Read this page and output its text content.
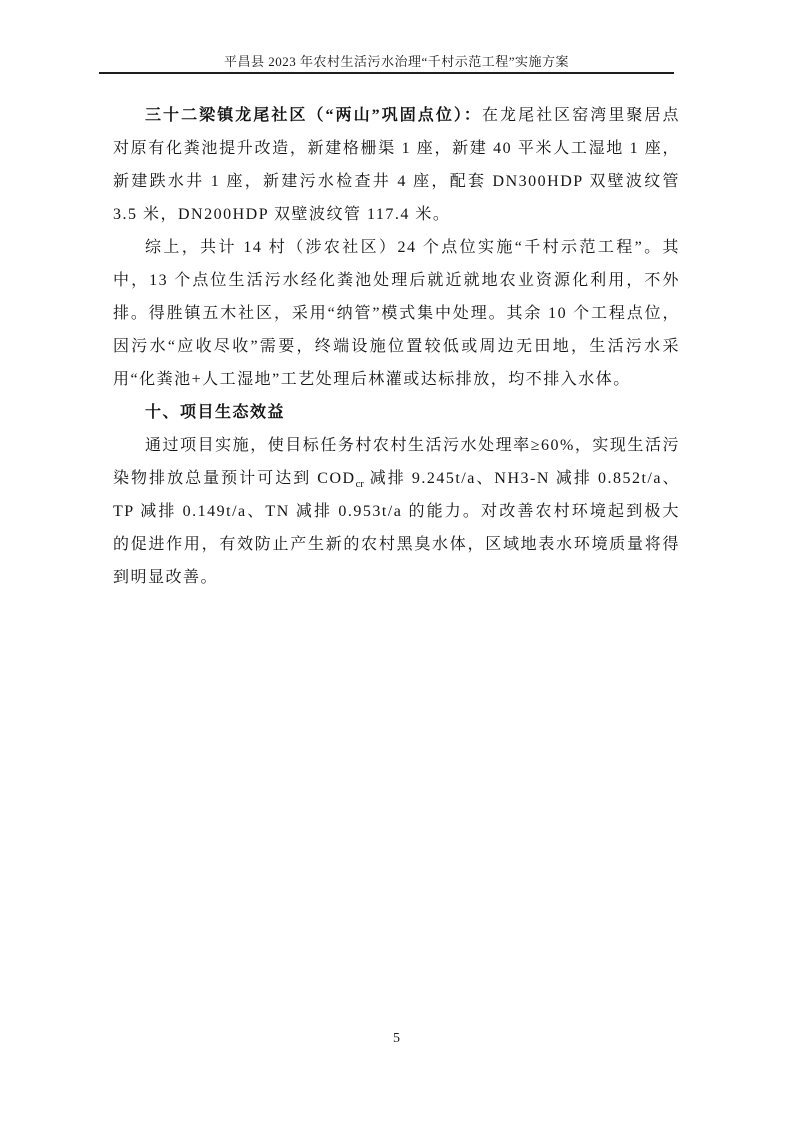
平昌县 2023 年农村生活污水治理“千村示范工程”实施方案

三十二梁镇龙尾社区（“两山”巩固点位）：在龙尾社区窑湾里聚居点对原有化粪池提升改造，新建格栅渠 1 座，新建 40 平米人工湿地 1 座，新建跌水井 1 座，新建污水检查井 4 座，配套 DN300HDP 双壁波纹管 3.5 米，DN200HDP 双壁波纹管 117.4 米。

综上，共计 14 村（涉农社区）24 个点位实施“千村示范工程”。其中，13 个点位生活污水经化粪池处理后就近就地农业资源化利用，不外排。得胜镇五木社区，采用“纳管”模式集中处理。其余 10 个工程点位，因污水“应收尽收”需要，终端设施位置较低或周边无田地，生活污水采用“化粪池+人工湿地”工艺处理后林灌或达标排放，均不排入水体。

十、项目生态效益

通过项目实施，使目标任务村农村生活污水处理率≥60%，实现生活污染物排放总量预计可达到 $COD_{cr}$ 减排 9.245t/a、NH3-N 减排 0.852t/a、TP 减排 0.149t/a、TN 减排 0.953t/a 的能力。对改善农村环境起到极大的促进作用，有效防止产生新的农村黑臭水体，区域地表水环境质量将得到明显改善。

5
